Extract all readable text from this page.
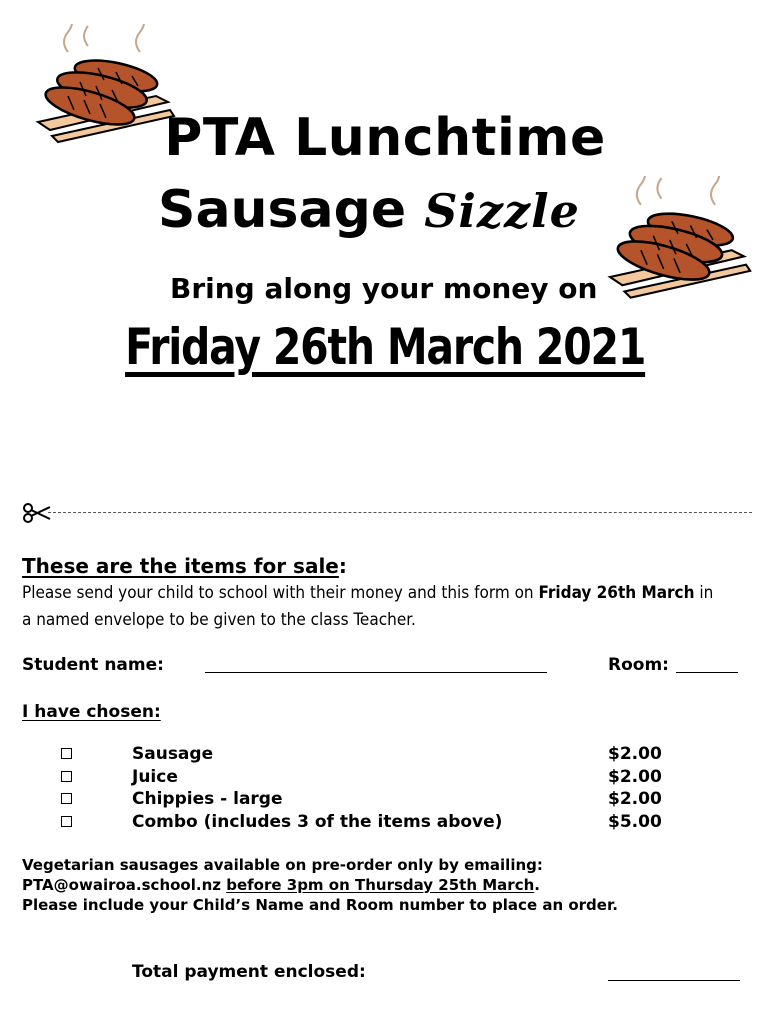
PTA Lunchtime
Sausage Sizzle
Bring along your money on
Friday 26th March 2021
These are the items for sale:
Please send your child to school with their money and this form on Friday 26th March in a named envelope to be given to the class Teacher.
Student name:	Room:
I have chosen:
Sausage	$2.00
Juice	$2.00
Chippies - large	$2.00
Combo (includes 3 of the items above)	$5.00
Vegetarian sausages available on pre-order only by emailing:
PTA@owairoa.school.nz before 3pm on Thursday 25th March.
Please include your Child’s Name and Room number to place an order.
Total payment enclosed:
